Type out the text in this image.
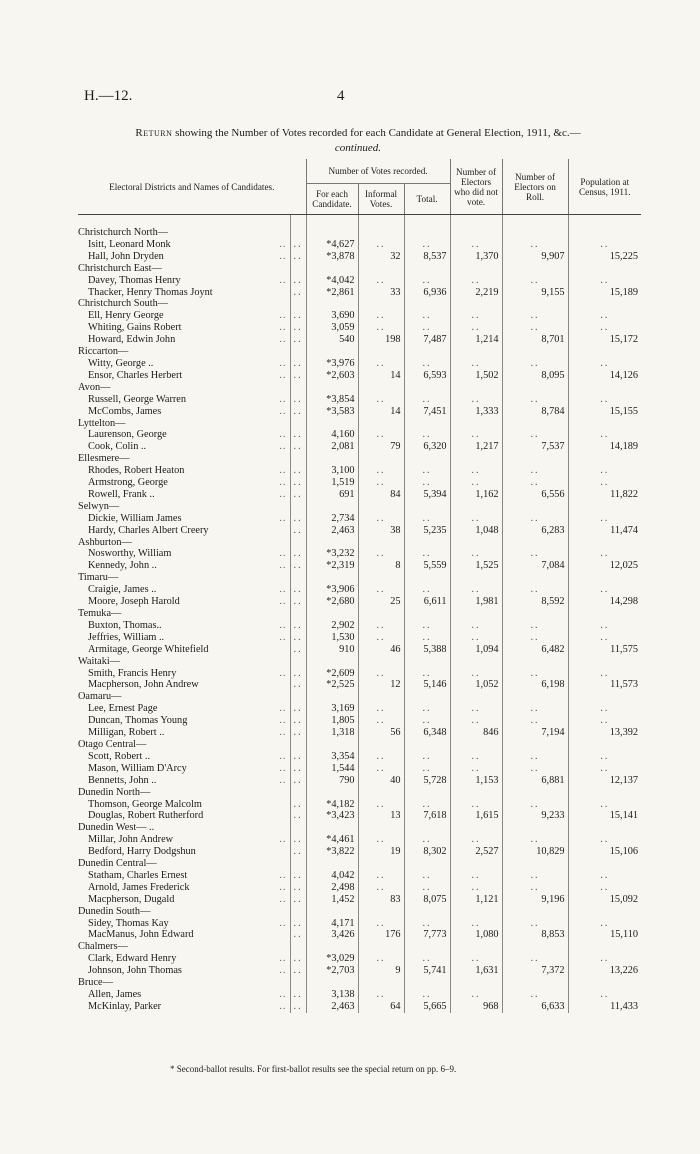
H.—12.	4
Return showing the Number of Votes recorded for each Candidate at General Election, 1911, &c.—
continued.
Electoral Districts and Names of Candidates.		Number of Votes recorded.			Number of Electors who did not vote.	Number of Electors on Roll.	Population at Census, 1911.
		For each Candidate.	Informal Votes.	Total.			

Christchurch North—							
Isitt, Leonard Monk ..	..	*4,627	..	..	..	..	..
Hall, John Dryden ..	..	*3,878	32	8,537	1,370	9,907	15,225
Christchurch East—							
Davey, Thomas Henry ..	..	*4,042	..	..	..	..	..
Thacker, Henry Thomas Joynt	..	*2,861	33	6,936	2,219	9,155	15,189
Christchurch South—							
Ell, Henry George ..	..	3,690	..	..	..	..	..
Whiting, Gains Robert ..	..	3,059	..	..	..	..	..
Howard, Edwin John ..	..	540	198	7,487	1,214	8,701	15,172
Riccarton—							
Witty, George .. ..	..	*3,976	..	..	..	..	..
Ensor, Charles Herbert ..	..	*2,603	14	6,593	1,502	8,095	14,126
Avon—							
Russell, George Warren ..	..	*3,854	..	..	..	..	..
McCombs, James ..	..	*3,583	14	7,451	1,333	8,784	15,155
Lyttelton—							
Laurenson, George ..	..	4,160	..	..	..	..	..
Cook, Colin .. ..	..	2,081	79	6,320	1,217	7,537	14,189
Ellesmere—							
Rhodes, Robert Heaton ..	..	3,100	..	..	..	..	..
Armstrong, George ..	..	1,519	..	..	..	..	..
Rowell, Frank .. ..	..	691	84	5,394	1,162	6,556	11,822
Selwyn—							
Dickie, William James ..	..	2,734	..	..	..	..	..
Hardy, Charles Albert Creery	..	2,463	38	5,235	1,048	6,283	11,474
Ashburton—							
Nosworthy, William ..	..	*3,232	..	..	..	..	..
Kennedy, John .. ..	..	*2,319	8	5,559	1,525	7,084	12,025
Timaru—							
Craigie, James .. ..	..	*3,906	..	..	..	..	..
Moore, Joseph Harold ..	..	*2,680	25	6,611	1,981	8,592	14,298
Temuka—							
Buxton, Thomas.. ..	..	2,902	..	..	..	..	..
Jeffries, William .. ..	..	1,530	..	..	..	..	..
Armitage, George Whitefield	..	910	46	5,388	1,094	6,482	11,575
Waitaki—							
Smith, Francis Henry ..	..	*2,609	..	..	..	..	..
Macpherson, John Andrew	..	*2,525	12	5,146	1,052	6,198	11,573
Oamaru—							
Lee, Ernest Page ..	..	3,169	..	..	..	..	..
Duncan, Thomas Young ..	..	1,805	..	..	..	..	..
Milligan, Robert .. ..	..	1,318	56	6,348	846	7,194	13,392
Otago Central—							
Scott, Robert .. ..	..	3,354	..	..	..	..	..
Mason, William D'Arcy ..	..	1,544	..	..	..	..	..
Bennetts, John .. ..	..	790	40	5,728	1,153	6,881	12,137
Dunedin North—							
Thomson, George Malcolm	..	*4,182	..	..	..	..	..
Douglas, Robert Rutherford	..	*3,423	13	7,618	1,615	9,233	15,141
Dunedin West— ..							
Millar, John Andrew ..	..	*4,461	..	..	..	..	..
Bedford, Harry Dodgshun	..	*3,822	19	8,302	2,527	10,829	15,106
Dunedin Central—							
Statham, Charles Ernest ..	..	4,042	..	..	..	..	..
Arnold, James Frederick ..	..	2,498	..	..	..	..	..
Macpherson, Dugald ..	..	1,452	83	8,075	1,121	9,196	15,092
Dunedin South—							
Sidey, Thomas Kay ..	..	4,171	..	..	..	..	..
MacManus, John Edward	..	3,426	176	7,773	1,080	8,853	15,110
Chalmers—							
Clark, Edward Henry ..	..	*3,029	..	..	..	..	..
Johnson, John Thomas ..	..	*2,703	9	5,741	1,631	7,372	13,226
Bruce—							
Allen, James ..	..	3,138	..	..	..	..	..
McKinlay, Parker ..	..	2,463	64	5,665	968	6,633	11,433
* Second-ballot results. For first-ballot results see the special return on pp. 6–9.
